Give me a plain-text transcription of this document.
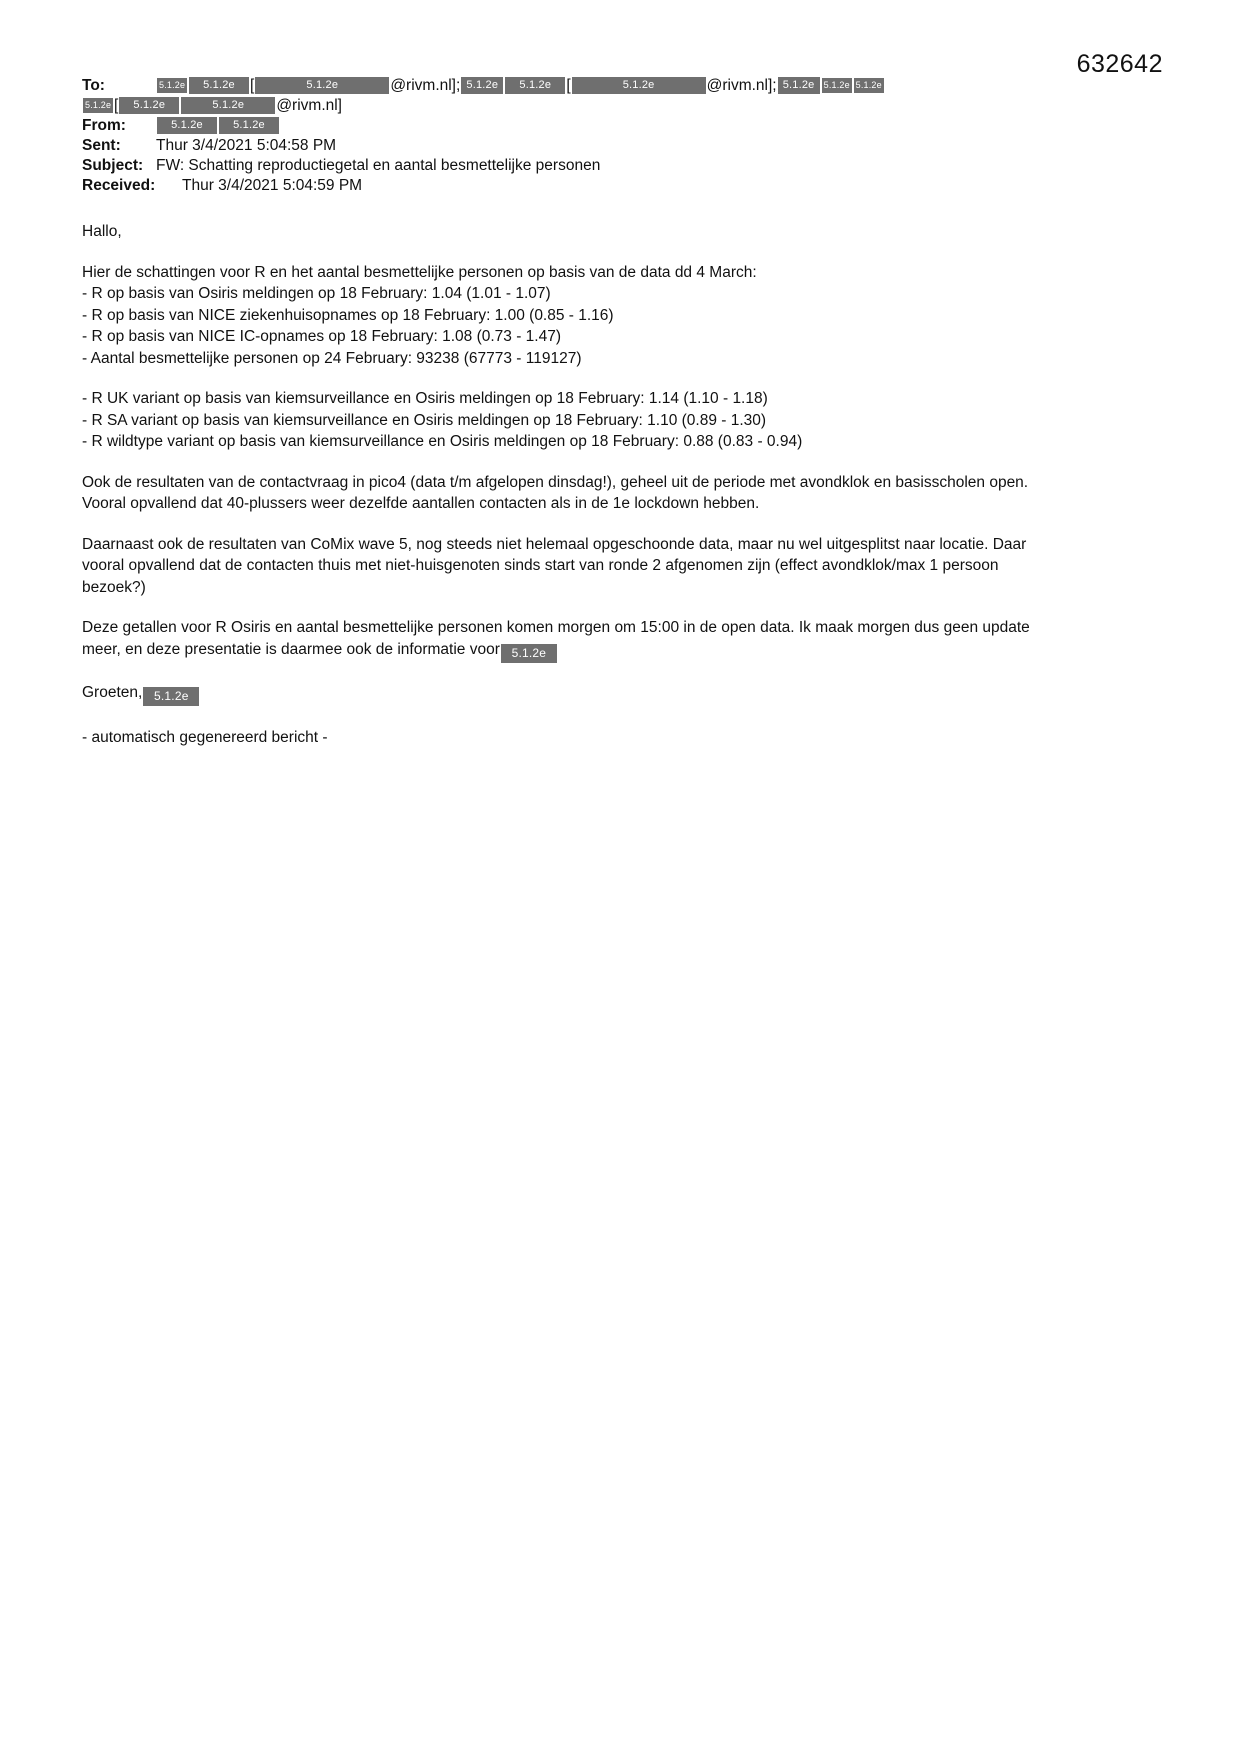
632642
To:	5.1.2e 5.1.2e [	5.1.2e	@rivm.nl]; 5.1.2e 5.1.2e [	5.1.2e	@rivm.nl]; 5.1.2e 5.1.2e 5.1.2e
5.1.2e [ 5.1.2e	5.1.2e @rivm.nl]
From:	5.1.2e	5.1.2e
Sent:	Thur 3/4/2021 5:04:58 PM
Subject: FW: Schatting reproductiegetal en aantal besmettelijke personen
Received: Thur 3/4/2021 5:04:59 PM

Hallo,

Hier de schattingen voor R en het aantal besmettelijke personen op basis van de data dd 4 March:
- R op basis van Osiris meldingen op 18 February: 1.04 (1.01 - 1.07)
- R op basis van NICE ziekenhuisopnames op 18 February: 1.00 (0.85 - 1.16)
- R op basis van NICE IC-opnames op 18 February: 1.08 (0.73 - 1.47)
- Aantal besmettelijke personen op 24 February: 93238 (67773 - 119127)
- R UK variant op basis van kiemsurveillance en Osiris meldingen op 18 February: 1.14 (1.10 - 1.18)
- R SA variant op basis van kiemsurveillance en Osiris meldingen op 18 February: 1.10 (0.89 - 1.30)
- R wildtype variant op basis van kiemsurveillance en Osiris meldingen op 18 February: 0.88 (0.83 - 0.94)
Ook de resultaten van de contactvraag in pico4 (data t/m afgelopen dinsdag!), geheel uit de periode met avondklok en basisscholen open.
Vooral opvallend dat 40-plussers weer dezelfde aantallen contacten als in de 1e lockdown hebben.
Daarnaast ook de resultaten van CoMix wave 5, nog steeds niet helemaal opgeschoonde data, maar nu wel uitgesplitst naar locatie. Daar
vooral opvallend dat de contacten thuis met niet-huisgenoten sinds start van ronde 2 afgenomen zijn (effect avondklok/max 1 persoon
bezoek?)
Deze getallen voor R Osiris en aantal besmettelijke personen komen morgen om 15:00 in de open data. Ik maak morgen dus geen update
meer, en deze presentatie is daarmee ook de informatie voor 5.1.2e
Groeten, 5.1.2e
- automatisch gegenereerd bericht -
